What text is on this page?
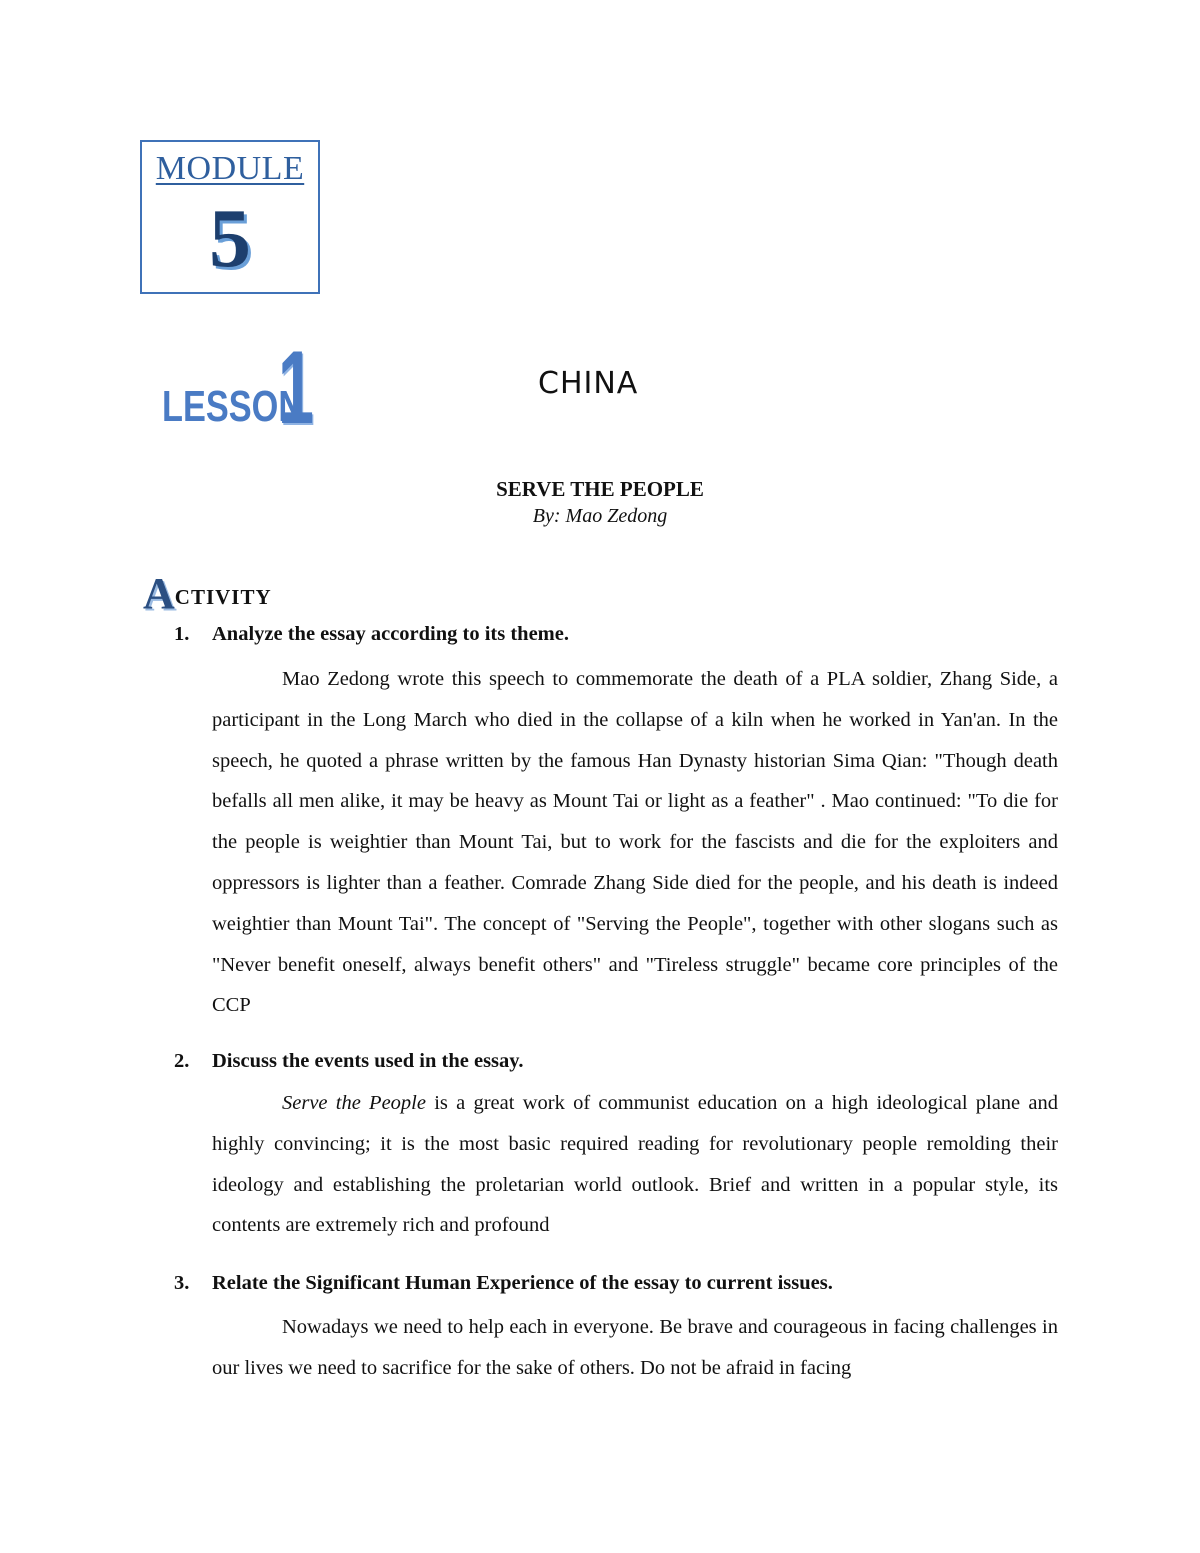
MODULE
5
LESSON
1	CHINA
SERVE THE PEOPLE
By: Mao Zedong
ACTIVITY
1. Analyze the essay according to its theme.

Mao Zedong wrote this speech to commemorate the death of a PLA soldier, Zhang Side, a participant in the Long March who died in the collapse of a kiln when he worked in Yan'an. In the speech, he quoted a phrase written by the famous Han Dynasty historian Sima Qian: "Though death befalls all men alike, it may be heavy as Mount Tai or light as a feather" . Mao continued: "To die for the people is weightier than Mount Tai, but to work for the fascists and die for the exploiters and oppressors is lighter than a feather. Comrade Zhang Side died for the people, and his death is indeed weightier than Mount Tai". The concept of "Serving the People", together with other slogans such as "Never benefit oneself, always benefit others" and "Tireless struggle" became core principles of the CCP

2. Discuss the events used in the essay.

Serve the People is a great work of communist education on a high ideological plane and highly convincing; it is the most basic required reading for revolutionary people remolding their ideology and establishing the proletarian world outlook. Brief and written in a popular style, its contents are extremely rich and profound

3. Relate the Significant Human Experience of the essay to current issues.

Nowadays we need to help each in everyone. Be brave and courageous in facing challenges in our lives we need to sacrifice for the sake of others. Do not be afraid in facing
